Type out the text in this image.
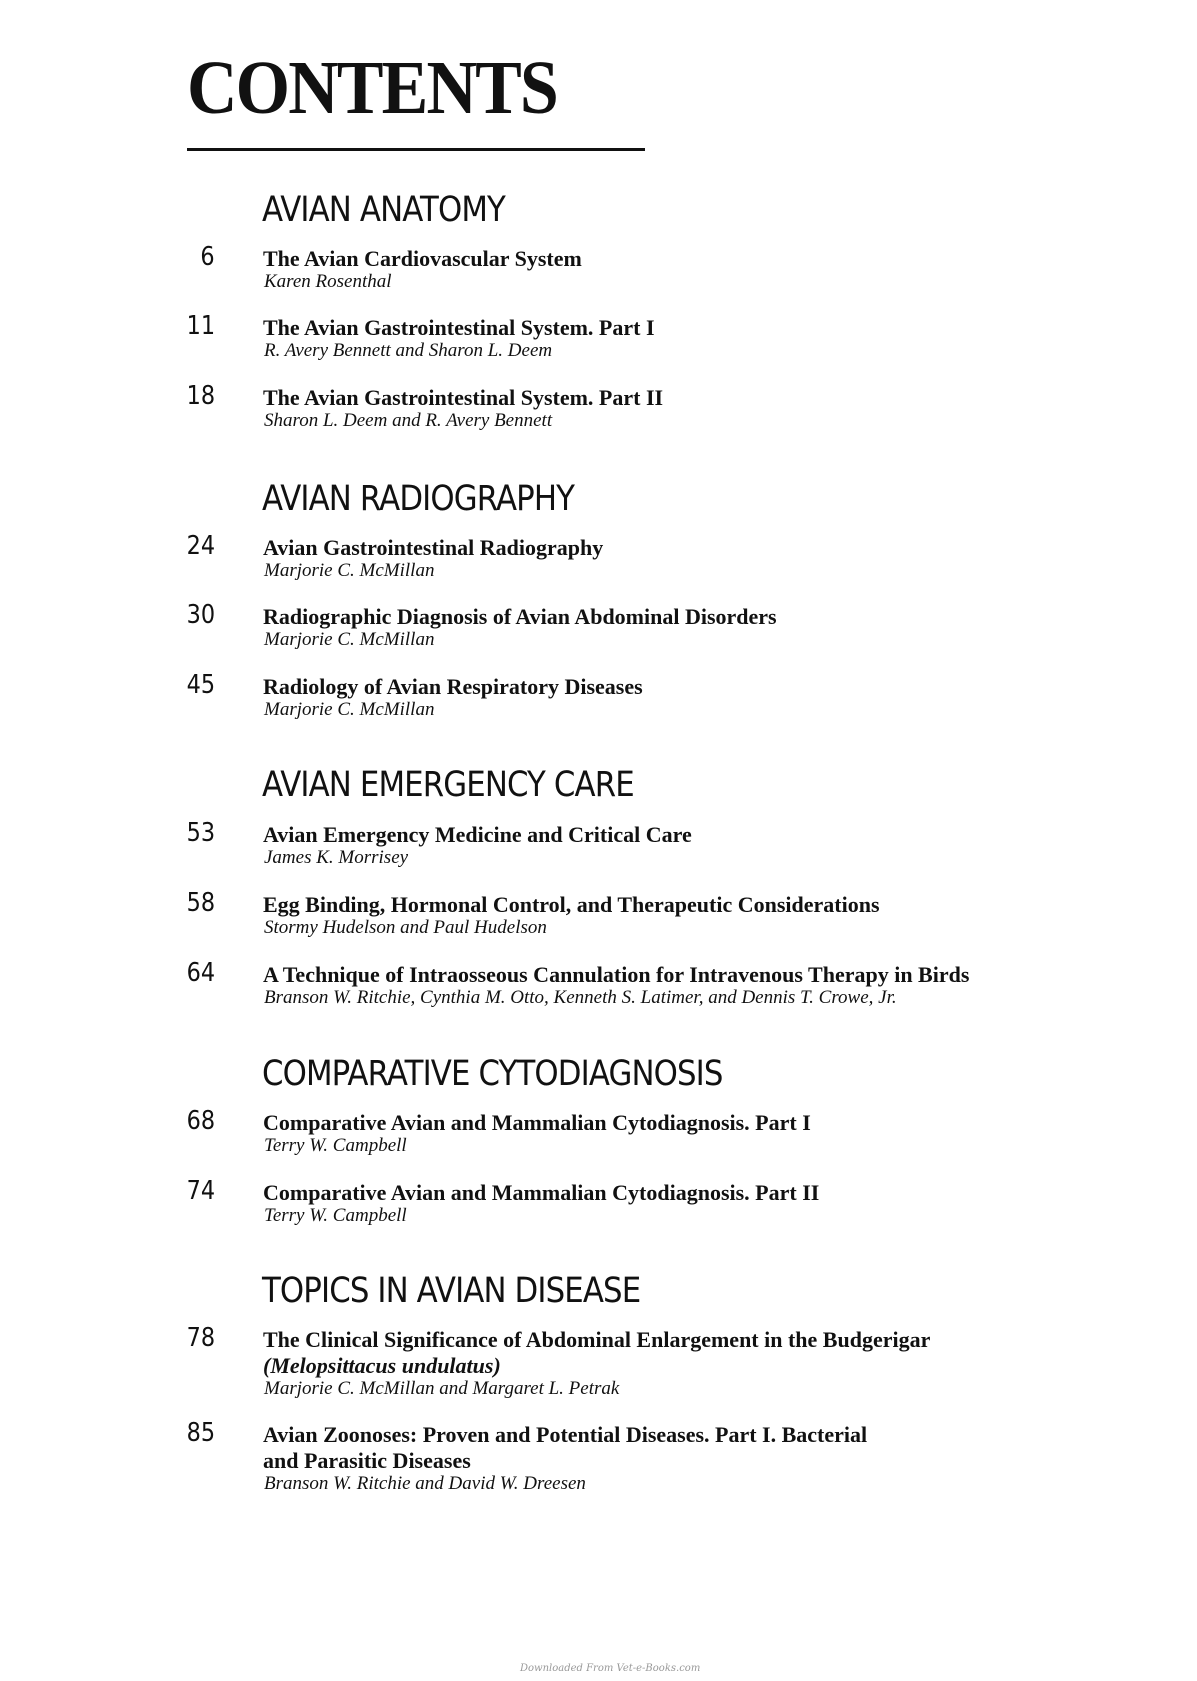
CONTENTS
AVIAN ANATOMY
6 The Avian Cardiovascular System
Karen Rosenthal
11 The Avian Gastrointestinal System. Part I
R. Avery Bennett and Sharon L. Deem
18 The Avian Gastrointestinal System. Part II
Sharon L. Deem and R. Avery Bennett
AVIAN RADIOGRAPHY
24 Avian Gastrointestinal Radiography
Marjorie C. McMillan
30 Radiographic Diagnosis of Avian Abdominal Disorders
Marjorie C. McMillan
45 Radiology of Avian Respiratory Diseases
Marjorie C. McMillan
AVIAN EMERGENCY CARE
53 Avian Emergency Medicine and Critical Care
James K. Morrisey
58 Egg Binding, Hormonal Control, and Therapeutic Considerations
Stormy Hudelson and Paul Hudelson
64 A Technique of Intraosseous Cannulation for Intravenous Therapy in Birds
Branson W. Ritchie, Cynthia M. Otto, Kenneth S. Latimer, and Dennis T. Crowe, Jr.
COMPARATIVE CYTODIAGNOSIS
68 Comparative Avian and Mammalian Cytodiagnosis. Part I
Terry W. Campbell
74 Comparative Avian and Mammalian Cytodiagnosis. Part II
Terry W. Campbell
TOPICS IN AVIAN DISEASE
78 The Clinical Significance of Abdominal Enlargement in the Budgerigar
(Melopsittacus undulatus)
Marjorie C. McMillan and Margaret L. Petrak
85 Avian Zoonoses: Proven and Potential Diseases. Part I. Bacterial
and Parasitic Diseases
Branson W. Ritchie and David W. Dreesen
Downloaded From Vet-e-Books.com
